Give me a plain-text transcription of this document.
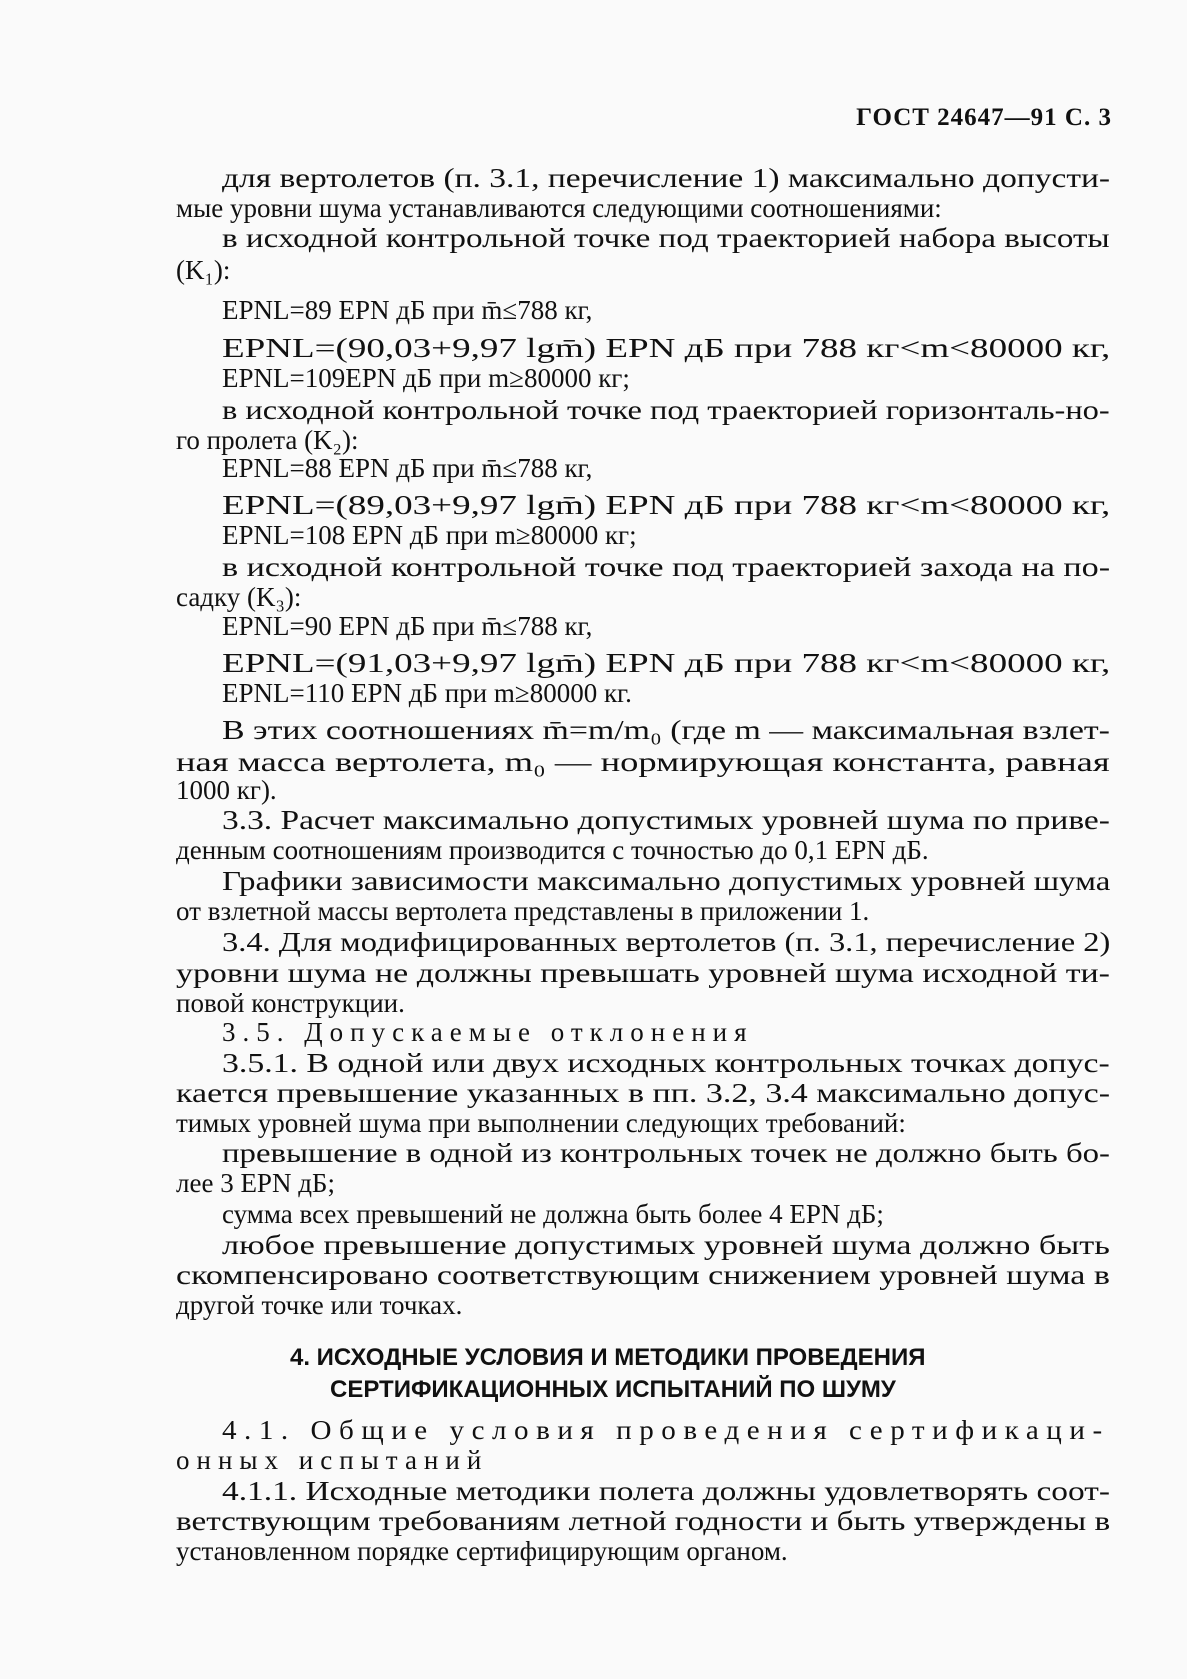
ГОСТ 24647—91 С. 3
для вертолетов (п. 3.1, перечисление 1) максимально допусти-
мые уровни шума устанавливаются следующими соотношениями:
в исходной контрольной точке под траекторией набора высоты
(K₁):
EPNL=89 EPN дБ при m̄≤788 кг,
EPNL=(90,03+9,97 lgm̄) EPN дБ при 788 кг<m<80000 кг,
EPNL=109EPN дБ при m≥80000 кг;
в исходной контрольной точке под траекторией горизонталь-но-
го пролета (K₂):
EPNL=88 EPN дБ при m̄≤788 кг,
EPNL=(89,03+9,97 lgm̄) EPN дБ при 788 кг<m<80000 кг,
EPNL=108 EPN дБ при m≥80000 кг;
в исходной контрольной точке под траекторией захода на по-
садку (K₃):
EPNL=90 EPN дБ при m̄≤788 кг,
EPNL=(91,03+9,97 lgm̄) EPN дБ при 788 кг<m<80000 кг,
EPNL=110 EPN дБ при m≥80000 кг.
В этих соотношениях m̄=m/m₀ (где m — максимальная взлет-
ная масса вертолета, m₀ — нормирующая константа, равная
1000 кг).
3.3. Расчет максимально допустимых уровней шума по приве-
денным соотношениям производится с точностью до 0,1 EPN дБ.
Графики зависимости максимально допустимых уровней шума
от взлетной массы вертолета представлены в приложении 1.
3.4. Для модифицированных вертолетов (п. 3.1, перечисление 2)
уровни шума не должны превышать уровней шума исходной ти-
повой конструкции.
3.5. Допускаемые отклонения
3.5.1. В одной или двух исходных контрольных точках допус-
кается превышение указанных в пп. 3.2, 3.4 максимально допус-
тимых уровней шума при выполнении следующих требований:
превышение в одной из контрольных точек не должно быть бо-
лее 3 EPN дБ;
сумма всех превышений не должна быть более 4 EPN дБ;
любое превышение допустимых уровней шума должно быть
скомпенсировано соответствующим снижением уровней шума в
другой точке или точках.
4. ИСХОДНЫЕ УСЛОВИЯ И МЕТОДИКИ ПРОВЕДЕНИЯ
СЕРТИФИКАЦИОННЫХ ИСПЫТАНИЙ ПО ШУМУ
4.1. Общие условия проведения сертификаци-
онных испытаний
4.1.1. Исходные методики полета должны удовлетворять соот-
ветствующим требованиям летной годности и быть утверждены в
установленном порядке сертифицирующим органом.
